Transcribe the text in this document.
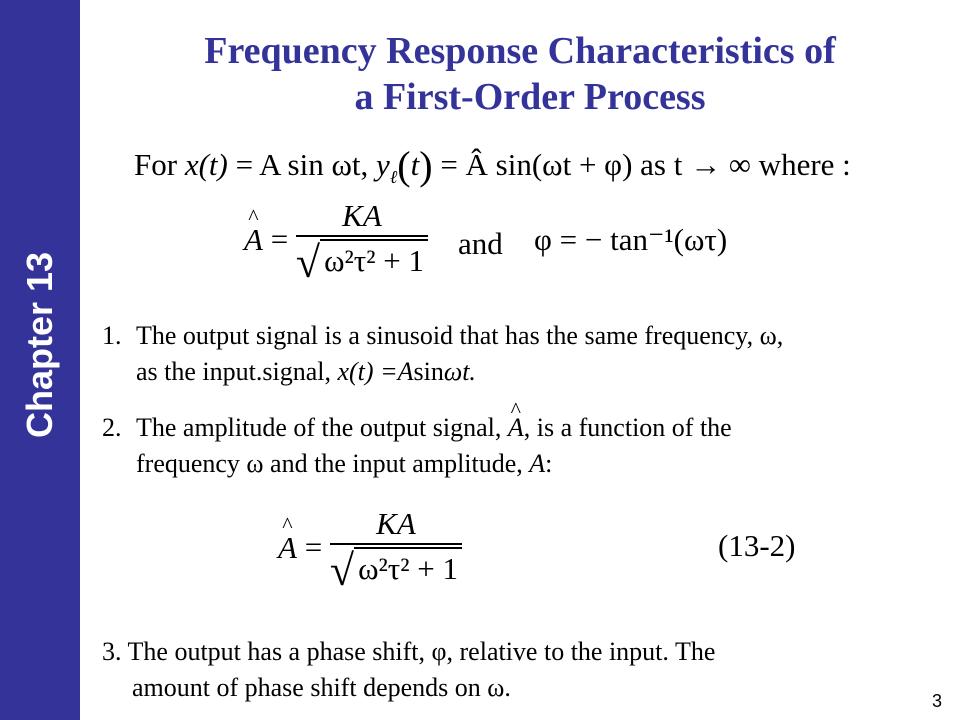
Chapter 13
Frequency Response Characteristics of
a First-Order Process
For x(t) = A sin ωt, $y_\ell(t)$ = Â sin(ωt + φ) as t → ∞ where :
^ $A = \frac{KA}{\text{√ ω²τ² + 1}}$ and φ = − tan⁻¹(ωτ)
1. The output signal is a sinusoid that has the same frequency, ω,
as the input.signal, x(t) =Asinωt.
2. The amplitude of the output signal, ^ A, is a function of the
frequency ω and the input amplitude, A:
^ $A = \frac{KA}{\text{√ ω²τ² + 1}}$	(13-2)
3. The output has a phase shift, φ, relative to the input. The
amount of phase shift depends on ω.	3
